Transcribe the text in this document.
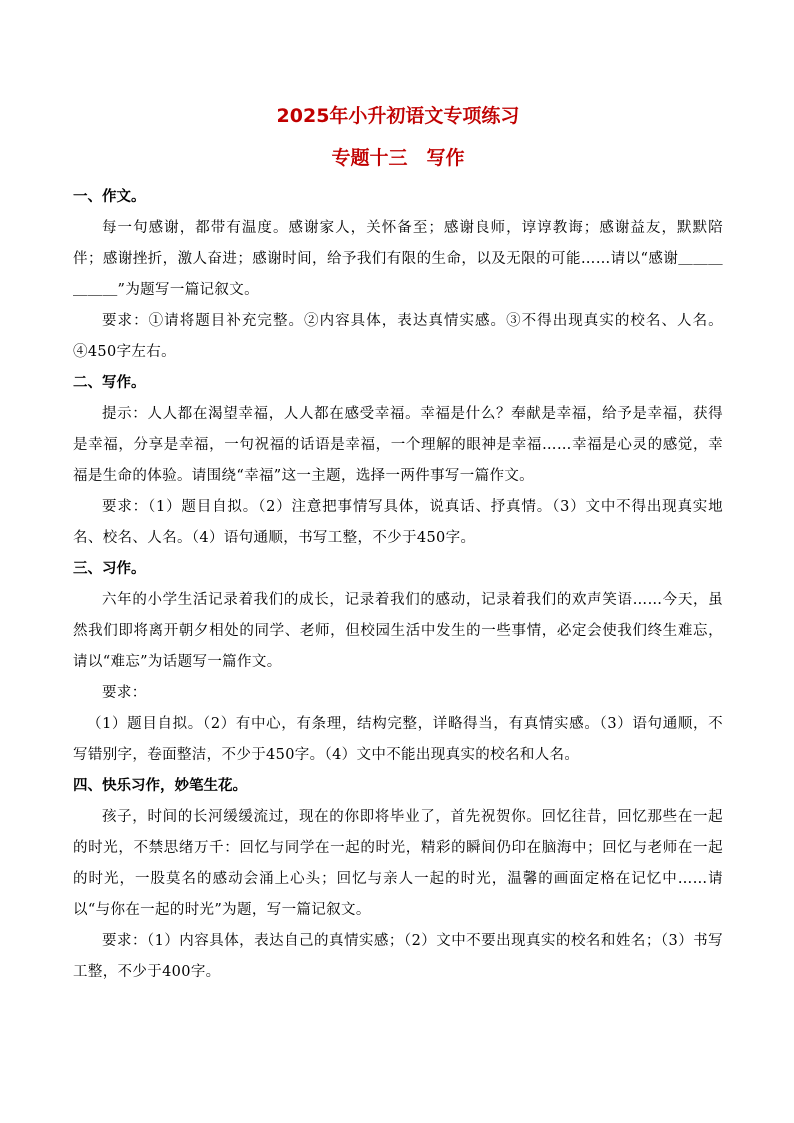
2025年小升初语文专项练习
专题十三　写作

一、作文。

每一句感谢，都带有温度。感谢家人，关怀备至；感谢良师，谆谆教诲；感谢益友，默默陪伴；感谢挫折，激人奋进；感谢时间，给予我们有限的生命，以及无限的可能……请以“感谢＿＿＿＿＿＿”为题写一篇记叙文。

要求：①请将题目补充完整。②内容具体，表达真情实感。③不得出现真实的校名、人名。④450字左右。

二、写作。

提示：人人都在渴望幸福，人人都在感受幸福。幸福是什么？奉献是幸福，给予是幸福，获得是幸福，分享是幸福，一句祝福的话语是幸福，一个理解的眼神是幸福……幸福是心灵的感觉，幸福是生命的体验。请围绕“幸福”这一主题，选择一两件事写一篇作文。

要求：（1）题目自拟。（2）注意把事情写具体，说真话、抒真情。（3）文中不得出现真实地名、校名、人名。（4）语句通顺，书写工整，不少于450字。

三、习作。

六年的小学生活记录着我们的成长，记录着我们的感动，记录着我们的欢声笑语……今天，虽然我们即将离开朝夕相处的同学、老师，但校园生活中发生的一些事情，必定会使我们终生难忘，请以“难忘”为话题写一篇作文。

要求：

（1）题目自拟。（2）有中心，有条理，结构完整，详略得当，有真情实感。（3）语句通顺，不写错别字，卷面整洁，不少于450字。（4）文中不能出现真实的校名和人名。

四、快乐习作，妙笔生花。

孩子，时间的长河缓缓流过，现在的你即将毕业了，首先祝贺你。回忆往昔，回忆那些在一起的时光，不禁思绪万千：回忆与同学在一起的时光，精彩的瞬间仍印在脑海中；回忆与老师在一起的时光，一股莫名的感动会涌上心头；回忆与亲人一起的时光，温馨的画面定格在记忆中……请以“与你在一起的时光”为题，写一篇记叙文。

要求：（1）内容具体，表达自己的真情实感；（2）文中不要出现真实的校名和姓名；（3）书写工整，不少于400字。
